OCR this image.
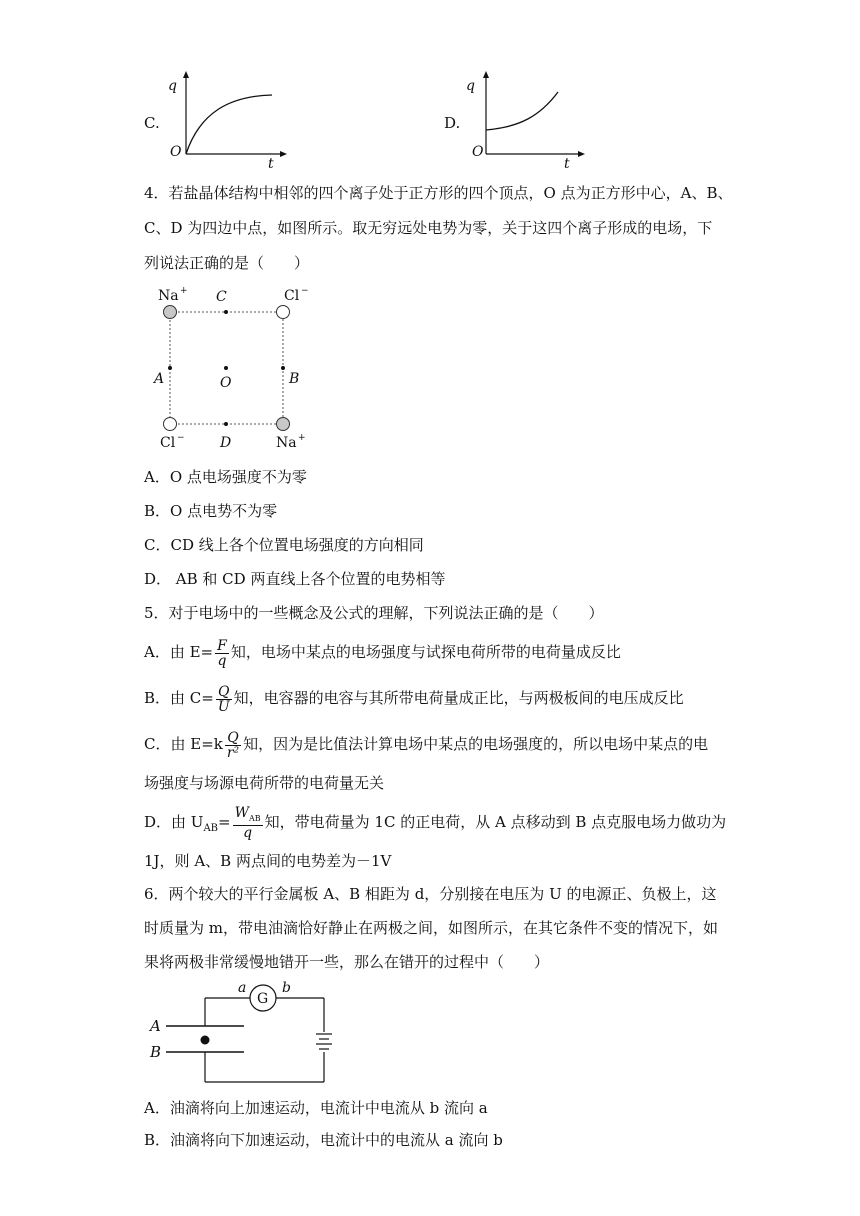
C.
q
O
t
D.
q
O
t
4．若盐晶体结构中相邻的四个离子处于正方形的四个顶点，O 点为正方形中心，A、B、
C、D 为四边中点，如图所示。取无穷远处电势为零，关于这四个离子形成的电场，下
列说法正确的是（　　）
Na +	Cl −
Cl −	Na +
C
D
A	B
O
A．O 点电场强度不为零
B．O 点电势不为零
C．CD 线上各个位置电场强度的方向相同
D． AB 和 CD 两直线上各个位置的电势相等
5．对于电场中的一些概念及公式的理解，下列说法正确的是（　　）
A．由 $E= \frac{F}{q}$ 知，电场中某点的电场强度与试探电荷所带的电荷量成反比
B．由 $C= \frac{Q}{U}$ 知，电容器的电容与其所带电荷量成正比，与两极板间的电压成反比
C．由 $E=k \frac{Q}{\text{r²}}$ 知，因为是比值法计算电场中某点的电场强度的，所以电场中某点的电
场强度与场源电荷所带的电荷量无关
D．由 $U_{AB}= \frac{W_{AB}}{q}$ 知，带电荷量为 1C 的正电荷，从 A 点移动到 B 点克服电场力做功为
1J，则 A、B 两点间的电势差为－1V
6．两个较大的平行金属板 A、B 相距为 d，分别接在电压为 U 的电源正、负极上，这
时质量为 m，带电油滴恰好静止在两极之间，如图所示，在其它条件不变的情况下，如
果将两极非常缓慢地错开一些，那么在错开的过程中（　　）
G
a	b
A
B
A．油滴将向上加速运动，电流计中电流从 b 流向 a
B．油滴将向下加速运动，电流计中的电流从 a 流向 b
